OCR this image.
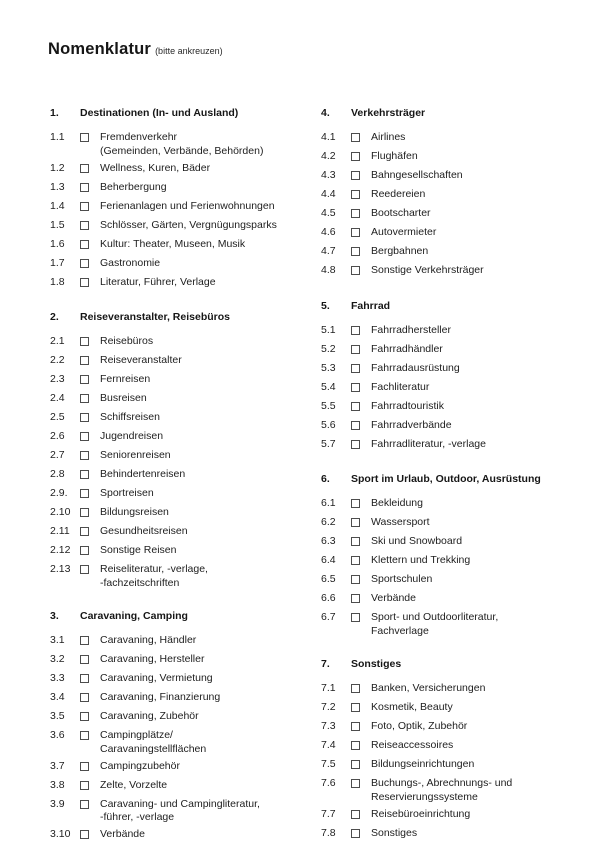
Nomenklatur (bitte ankreuzen)
1.	Destinationen (In- und Ausland)
1.1	Fremdenverkehr
(Gemeinden, Verbände, Behörden)
1.2	Wellness, Kuren, Bäder
1.3	Beherbergung
1.4	Ferienanlagen und Ferienwohnungen
1.5	Schlösser, Gärten, Vergnügungsparks
1.6	Kultur: Theater, Museen, Musik
1.7	Gastronomie
1.8	Literatur, Führer, Verlage
2.	Reiseveranstalter, Reisebüros
2.1	Reisebüros
2.2	Reiseveranstalter
2.3	Fernreisen
2.4	Busreisen
2.5	Schiffsreisen
2.6	Jugendreisen
2.7	Seniorenreisen
2.8	Behindertenreisen
2.9.	Sportreisen
2.10	Bildungsreisen
2.11	Gesundheitsreisen
2.12	Sonstige Reisen
2.13	Reiseliteratur, -verlage,
-fachzeitschriften
3.	Caravaning, Camping
3.1	Caravaning, Händler
3.2	Caravaning, Hersteller
3.3	Caravaning, Vermietung
3.4	Caravaning, Finanzierung
3.5	Caravaning, Zubehör
3.6	Campingplätze/
Caravaningstellflächen
3.7	Campingzubehör
3.8	Zelte, Vorzelte
3.9	Caravaning- und Campingliteratur,
-führer, -verlage
3.10	Verbände
4.	Verkehrsträger
4.1	Airlines
4.2	Flughäfen
4.3	Bahngesellschaften
4.4	Reedereien
4.5	Bootscharter
4.6	Autovermieter
4.7	Bergbahnen
4.8	Sonstige Verkehrsträger
5.	Fahrrad
5.1	Fahrradhersteller
5.2	Fahrradhändler
5.3	Fahrradausrüstung
5.4	Fachliteratur
5.5	Fahrradtouristik
5.6	Fahrradverbände
5.7	Fahrradliteratur, -verlage
6.	Sport im Urlaub, Outdoor, Ausrüstung
6.1	Bekleidung
6.2	Wassersport
6.3	Ski und Snowboard
6.4	Klettern und Trekking
6.5	Sportschulen
6.6	Verbände
6.7	Sport- und Outdoorliteratur,
Fachverlage
7.	Sonstiges
7.1	Banken, Versicherungen
7.2	Kosmetik, Beauty
7.3	Foto, Optik, Zubehör
7.4	Reiseaccessoires
7.5	Bildungseinrichtungen
7.6	Buchungs-, Abrechnungs- und
Reservierungssysteme
7.7	Reisebüroeinrichtung
7.8	Sonstiges
